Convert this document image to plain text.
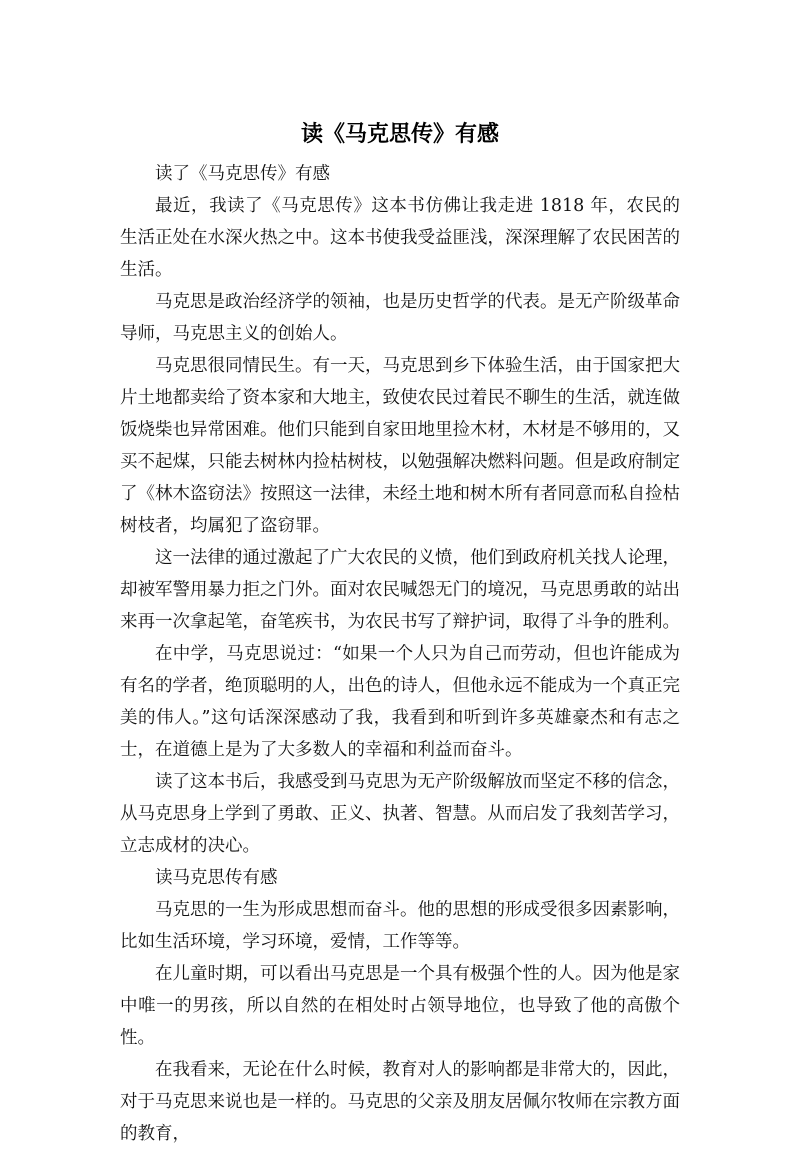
读《马克思传》有感

读了《马克思传》有感

最近，我读了《马克思传》这本书仿佛让我走进 1818 年，农民的生活正处在水深火热之中。这本书使我受益匪浅，深深理解了农民困苦的生活。

马克思是政治经济学的领袖，也是历史哲学的代表。是无产阶级革命导师，马克思主义的创始人。

马克思很同情民生。有一天，马克思到乡下体验生活，由于国家把大片土地都卖给了资本家和大地主，致使农民过着民不聊生的生活，就连做饭烧柴也异常困难。他们只能到自家田地里捡木材，木材是不够用的，又买不起煤，只能去树林内捡枯树枝，以勉强解决燃料问题。但是政府制定了《林木盗窃法》按照这一法律，未经土地和树木所有者同意而私自捡枯树枝者，均属犯了盗窃罪。

这一法律的通过激起了广大农民的义愤，他们到政府机关找人论理，却被军警用暴力拒之门外。面对农民喊怨无门的境况，马克思勇敢的站出来再一次拿起笔，奋笔疾书，为农民书写了辩护词，取得了斗争的胜利。

在中学，马克思说过：“如果一个人只为自己而劳动，但也许能成为有名的学者，绝顶聪明的人，出色的诗人，但他永远不能成为一个真正完美的伟人。”这句话深深感动了我，我看到和听到许多英雄豪杰和有志之士，在道德上是为了大多数人的幸福和利益而奋斗。

读了这本书后，我感受到马克思为无产阶级解放而坚定不移的信念，从马克思身上学到了勇敢、正义、执著、智慧。从而启发了我刻苦学习，立志成材的决心。

读马克思传有感

马克思的一生为形成思想而奋斗。他的思想的形成受很多因素影响，比如生活环境，学习环境，爱情，工作等等。

在儿童时期，可以看出马克思是一个具有极强个性的人。因为他是家中唯一的男孩，所以自然的在相处时占领导地位，也导致了他的高傲个性。

在我看来，无论在什么时候，教育对人的影响都是非常大的，因此，对于马克思来说也是一样的。马克思的父亲及朋友居佩尔牧师在宗教方面的教育，
